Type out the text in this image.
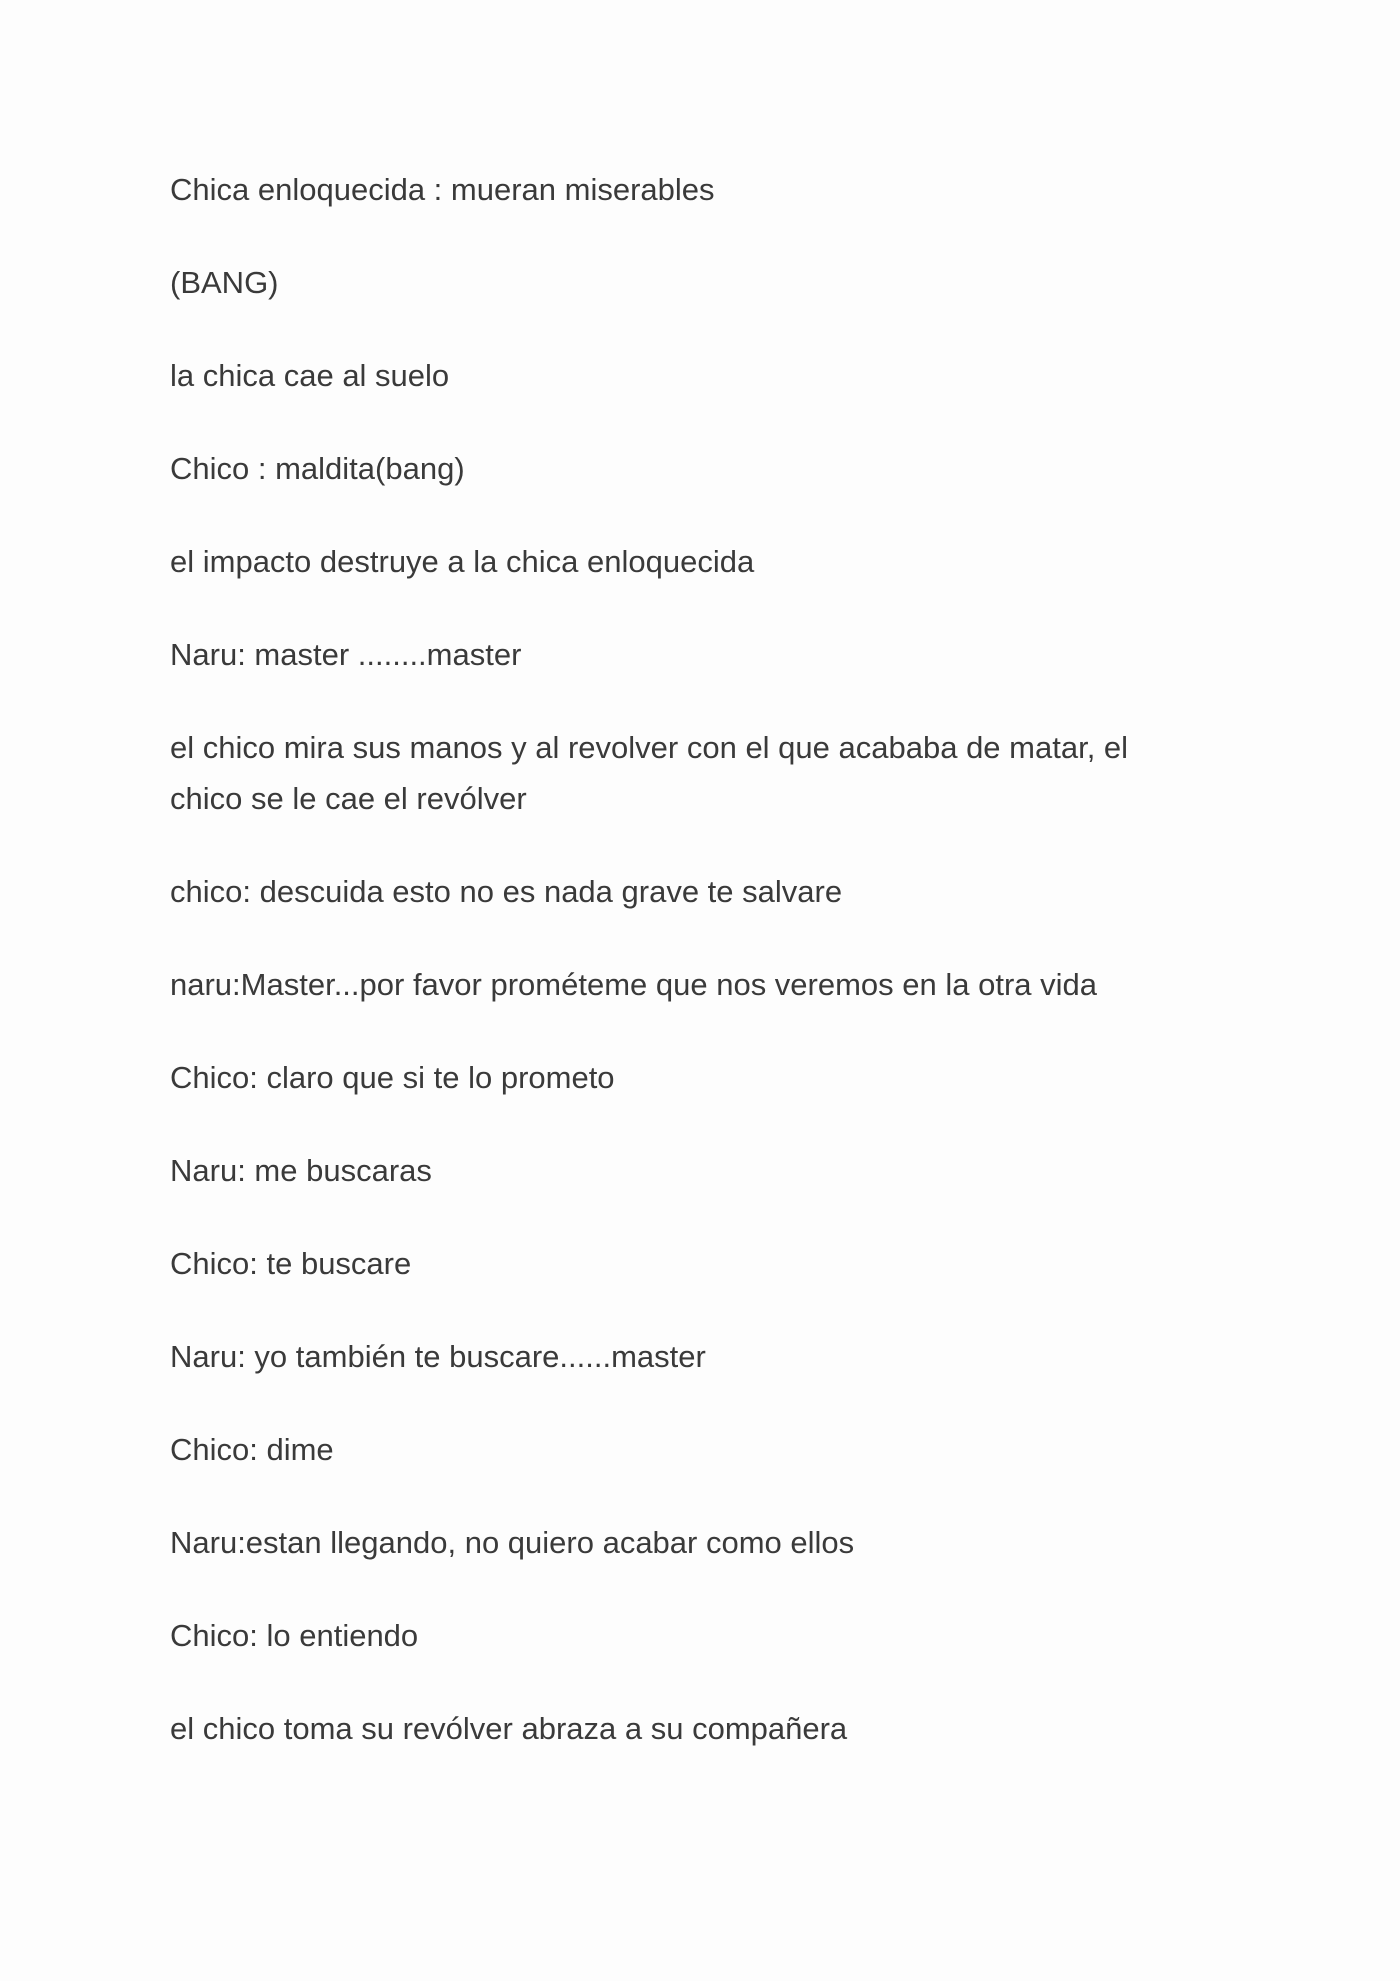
Chica enloquecida : mueran miserables

(BANG)

la chica cae al suelo

Chico : maldita(bang)

el impacto destruye a la chica enloquecida

Naru: master ........master

el chico mira sus manos y al revolver con el que acababa de matar, el chico se le cae el revólver

chico: descuida esto no es nada grave te salvare

naru:Master...por favor prométeme que nos veremos en la otra vida

Chico: claro que si te lo prometo

Naru: me buscaras

Chico: te buscare

Naru: yo también te buscare......master

Chico: dime

Naru:estan llegando, no quiero acabar como ellos

Chico: lo entiendo

el chico toma su revólver abraza a su compañera
